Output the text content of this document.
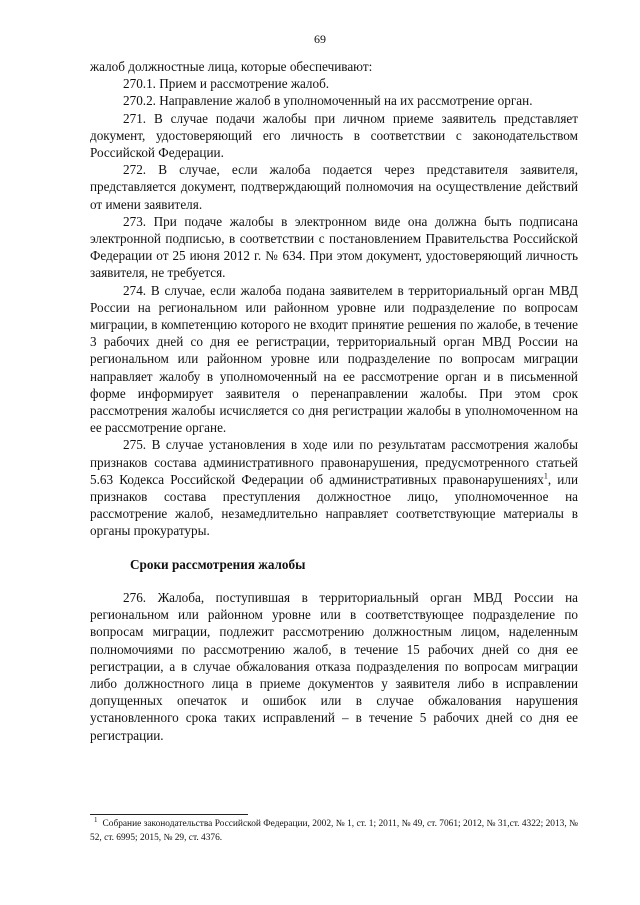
69

жалоб должностные лица, которые обеспечивают:

270.1. Прием и рассмотрение жалоб.

270.2. Направление жалоб в уполномоченный на их рассмотрение орган.

271. В случае подачи жалобы при личном приеме заявитель представляет документ, удостоверяющий его личность в соответствии с законодательством Российской Федерации.

272. В случае, если жалоба подается через представителя заявителя, представляется документ, подтверждающий полномочия на осуществление действий от имени заявителя.

273. При подаче жалобы в электронном виде она должна быть подписана электронной подписью, в соответствии с постановлением Правительства Российской Федерации от 25 июня 2012 г. № 634. При этом документ, удостоверяющий личность заявителя, не требуется.

274. В случае, если жалоба подана заявителем в территориальный орган МВД России на региональном или районном уровне или подразделение по вопросам миграции, в компетенцию которого не входит принятие решения по жалобе, в течение 3 рабочих дней со дня ее регистрации, территориальный орган МВД России на региональном или районном уровне или подразделение по вопросам миграции направляет жалобу в уполномоченный на ее рассмотрение орган и в письменной форме информирует заявителя о перенаправлении жалобы. При этом срок рассмотрения жалобы исчисляется со дня регистрации жалобы в уполномоченном на ее рассмотрение органе.

275. В случае установления в ходе или по результатам рассмотрения жалобы признаков состава административного правонарушения, предусмотренного статьей 5.63 Кодекса Российской Федерации об административных правонарушениях$^1$, или признаков состава преступления должностное лицо, уполномоченное на рассмотрение жалоб, незамедлительно направляет соответствующие материалы в органы прокуратуры.

Сроки рассмотрения жалобы

276. Жалоба, поступившая в территориальный орган МВД России на региональном или районном уровне или в соответствующее подразделение по вопросам миграции, подлежит рассмотрению должностным лицом, наделенным полномочиями по рассмотрению жалоб, в течение 15 рабочих дней со дня ее регистрации, а в случае обжалования отказа подразделения по вопросам миграции либо должностного лица в приеме документов у заявителя либо в исправлении допущенных опечаток и ошибок или в случае обжалования нарушения установленного срока таких исправлений – в течение 5 рабочих дней со дня ее регистрации.

$^1$ Собрание законодательства Российской Федерации, 2002, № 1, ст. 1; 2011, № 49, ст. 7061; 2012, № 31,ст. 4322; 2013, № 52, ст. 6995; 2015, № 29, ст. 4376.
